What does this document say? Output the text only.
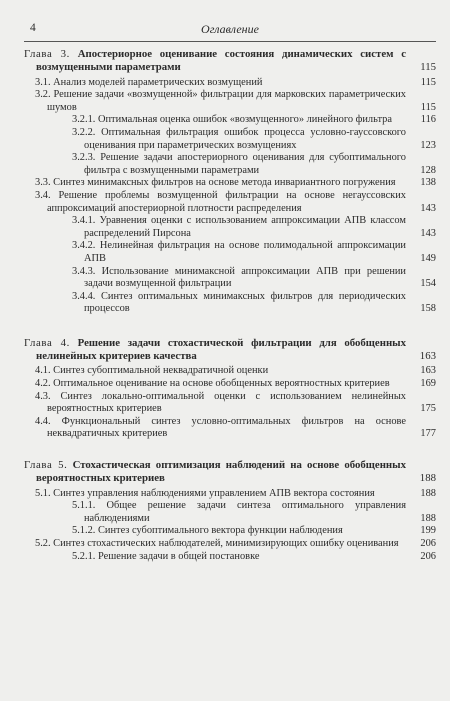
4	Оглавление
Глава 3. Апостериорное оценивание состояния динамических систем с возмущенными параметрами	115
3.1. Анализ моделей параметрических возмущений	115
3.2. Решение задачи «возмущенной» фильтрации для марковских параметрических шумов	115
3.2.1. Оптимальная оценка ошибок «возмущенного» линейного фильтра	116
3.2.2. Оптимальная фильтрация ошибок процесса условно-гауссовского оценивания при параметрических возмущениях	123
3.2.3. Решение задачи апостериорного оценивания для субоптимального фильтра с возмущенными параметрами	128
3.3. Синтез минимаксных фильтров на основе метода инвариантного погружения 138
3.4. Решение проблемы возмущенной фильтрации на основе негауссовских аппроксимаций апостериорной плотности распределения	143
3.4.1. Уравнения оценки с использованием аппроксимации АПВ классом распределений Пирсона	143
3.4.2. Нелинейная фильтрация на основе полимодальной аппроксимации АПВ	149
3.4.3. Использование минимаксной аппроксимации АПВ при решении задачи возмущенной фильтрации	154
3.4.4. Синтез оптимальных минимаксных фильтров для периодических процессов	158
Глава 4. Решение задачи стохастической фильтрации для обобщенных нелинейных критериев качества	163
4.1. Синтез субоптимальной неквадратичной оценки	163
4.2. Оптимальное оценивание на основе обобщенных вероятностных критериев	169
4.3. Синтез локально-оптимальной оценки с использованием нелинейных вероятностных критериев	175
4.4. Функциональный синтез условно-оптимальных фильтров на основе неквадратичных критериев	177
Глава 5. Стохастическая оптимизация наблюдений на основе обобщенных вероятностных критериев	188
5.1. Синтез управления наблюдениями управлением АПВ вектора состояния	188
5.1.1. Общее решение задачи синтеза оптимального управления наблюдениями	188
5.1.2. Синтез субоптимального вектора функции наблюдения	199
5.2. Синтез стохастических наблюдателей, минимизирующих ошибку оценивания 206
5.2.1. Решение задачи в общей постановке	206
